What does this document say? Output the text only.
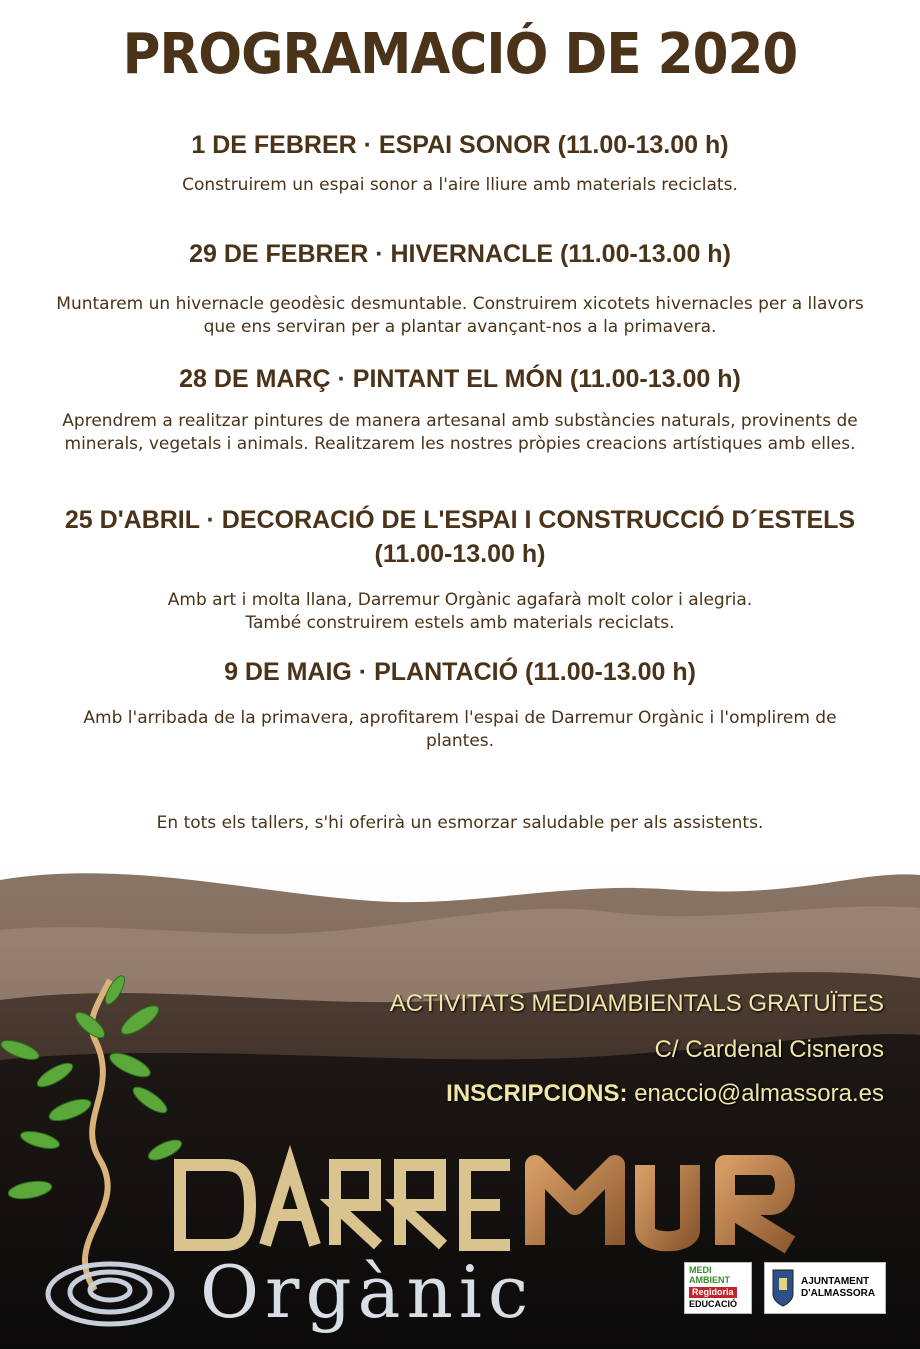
PROGRAMACIÓ DE 2020

1 DE FEBRER · ESPAI SONOR (11.00-13.00 h)

Construirem un espai sonor a l'aire lliure amb materials reciclats.

29 DE FEBRER · HIVERNACLE (11.00-13.00 h)

Muntarem un hivernacle geodèsic desmuntable. Construirem xicotets hivernacles per a llavors que ens serviran per a plantar avançant-nos a la primavera.

28 DE MARÇ · PINTANT EL MÓN (11.00-13.00 h)

Aprendrem a realitzar pintures de manera artesanal amb substàncies naturals, provinents de minerals, vegetals i animals. Realitzarem les nostres pròpies creacions artístiques amb elles.

25 D'ABRIL · DECORACIÓ DE L'ESPAI I CONSTRUCCIÓ D´ESTELS (11.00-13.00 h)

Amb art i molta llana, Darremur Orgànic agafarà molt color i alegria. També construirem estels amb materials reciclats.

9 DE MAIG · PLANTACIÓ (11.00-13.00 h)

Amb l'arribada de la primavera, aprofitarem l'espai de Darremur Orgànic i l'omplirem de plantes.

En tots els tallers, s'hi oferirà un esmorzar saludable per als assistents.
ACTIVITATS MEDIAMBIENTALS GRATUÏTES
C/ Cardenal Cisneros
INSCRIPCIONS: enaccio@almassora.es
Orgànic	MEDI
AMBIENT
Regidoria
EDUCACIÓ
AJUNTAMENT
D'ALMASSORA
